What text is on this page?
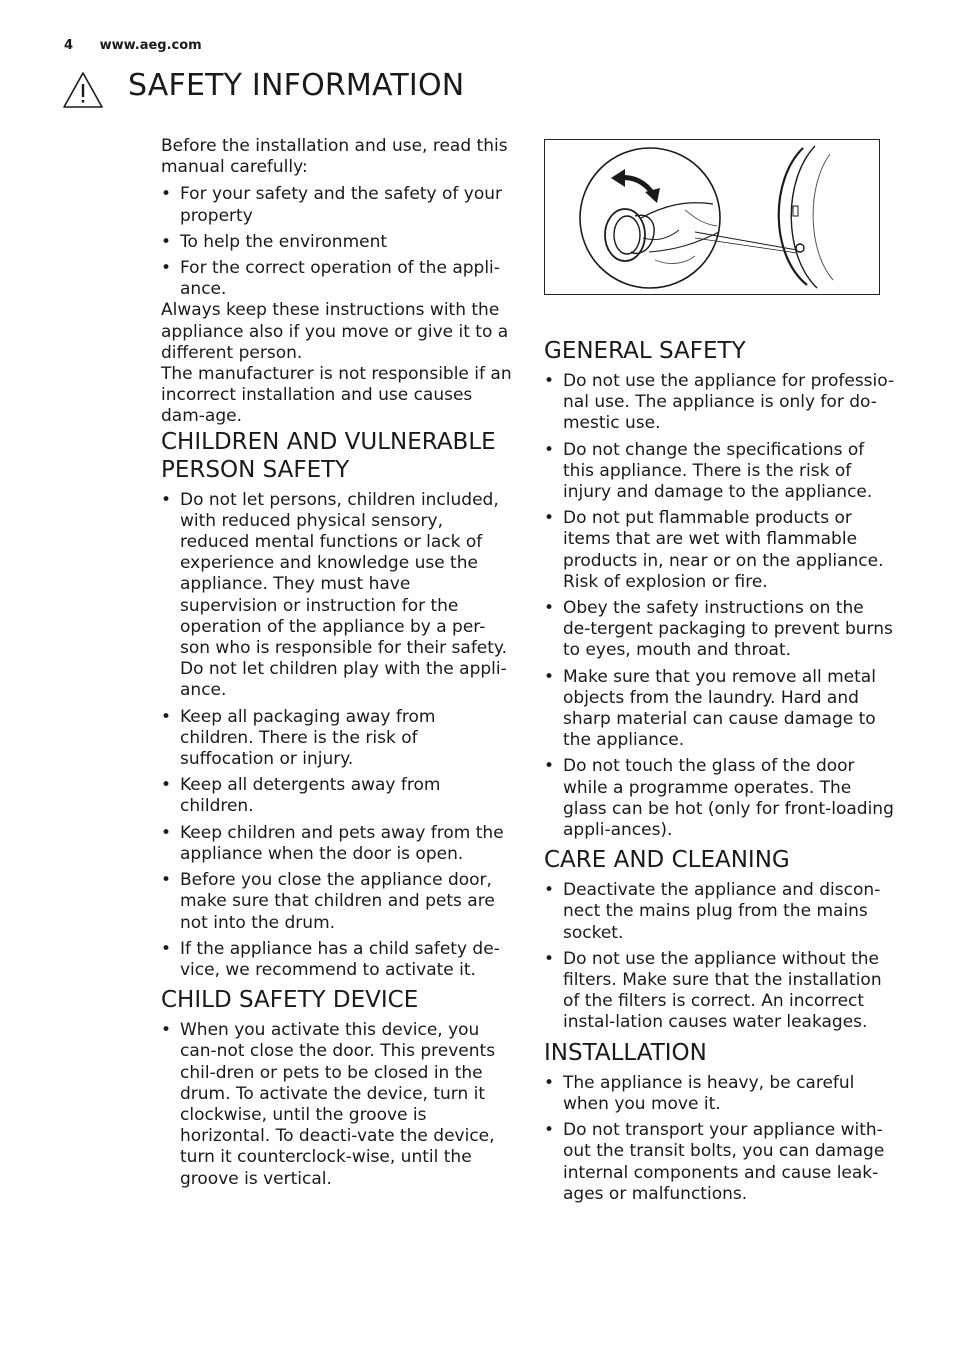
4 www.aeg.com
SAFETY INFORMATION

Before the installation and use, read this manual carefully:

• For your safety and the safety of your property
• To help the environment
• For the correct operation of the appli-ance.

Always keep these instructions with the appliance also if you move or give it to a different person.

The manufacturer is not responsible if an incorrect installation and use causes dam-age.

CHILDREN AND VULNERABLE PERSON SAFETY
• Do not let persons, children included, with reduced physical sensory, reduced mental functions or lack of experience and knowledge use the appliance. They must have supervision or instruction for the operation of the appliance by a per-son who is responsible for their safety. Do not let children play with the appli-ance.
• Keep all packaging away from children. There is the risk of suffocation or injury.
• Keep all detergents away from children.
• Keep children and pets away from the appliance when the door is open.
• Before you close the appliance door, make sure that children and pets are not into the drum.
• If the appliance has a child safety de-vice, we recommend to activate it.
CHILD SAFETY DEVICE
• When you activate this device, you can-not close the door. This prevents chil-dren or pets to be closed in the drum. To activate the device, turn it clockwise, until the groove is horizontal. To deacti-vate the device, turn it counterclock-wise, until the groove is vertical.
GENERAL SAFETY
• Do not use the appliance for professio-nal use. The appliance is only for do-mestic use.
• Do not change the specifications of this appliance. There is the risk of injury and damage to the appliance.
• Do not put flammable products or items that are wet with flammable products in, near or on the appliance. Risk of explosion or fire.
• Obey the safety instructions on the de-tergent packaging to prevent burns to eyes, mouth and throat.
• Make sure that you remove all metal objects from the laundry. Hard and sharp material can cause damage to the appliance.
• Do not touch the glass of the door while a programme operates. The glass can be hot (only for front-loading appli-ances).
CARE AND CLEANING
• Deactivate the appliance and discon-nect the mains plug from the mains socket.
• Do not use the appliance without the filters. Make sure that the installation of the filters is correct. An incorrect instal-lation causes water leakages.
INSTALLATION
• The appliance is heavy, be careful when you move it.
• Do not transport your appliance with-out the transit bolts, you can damage internal components and cause leak-ages or malfunctions.
